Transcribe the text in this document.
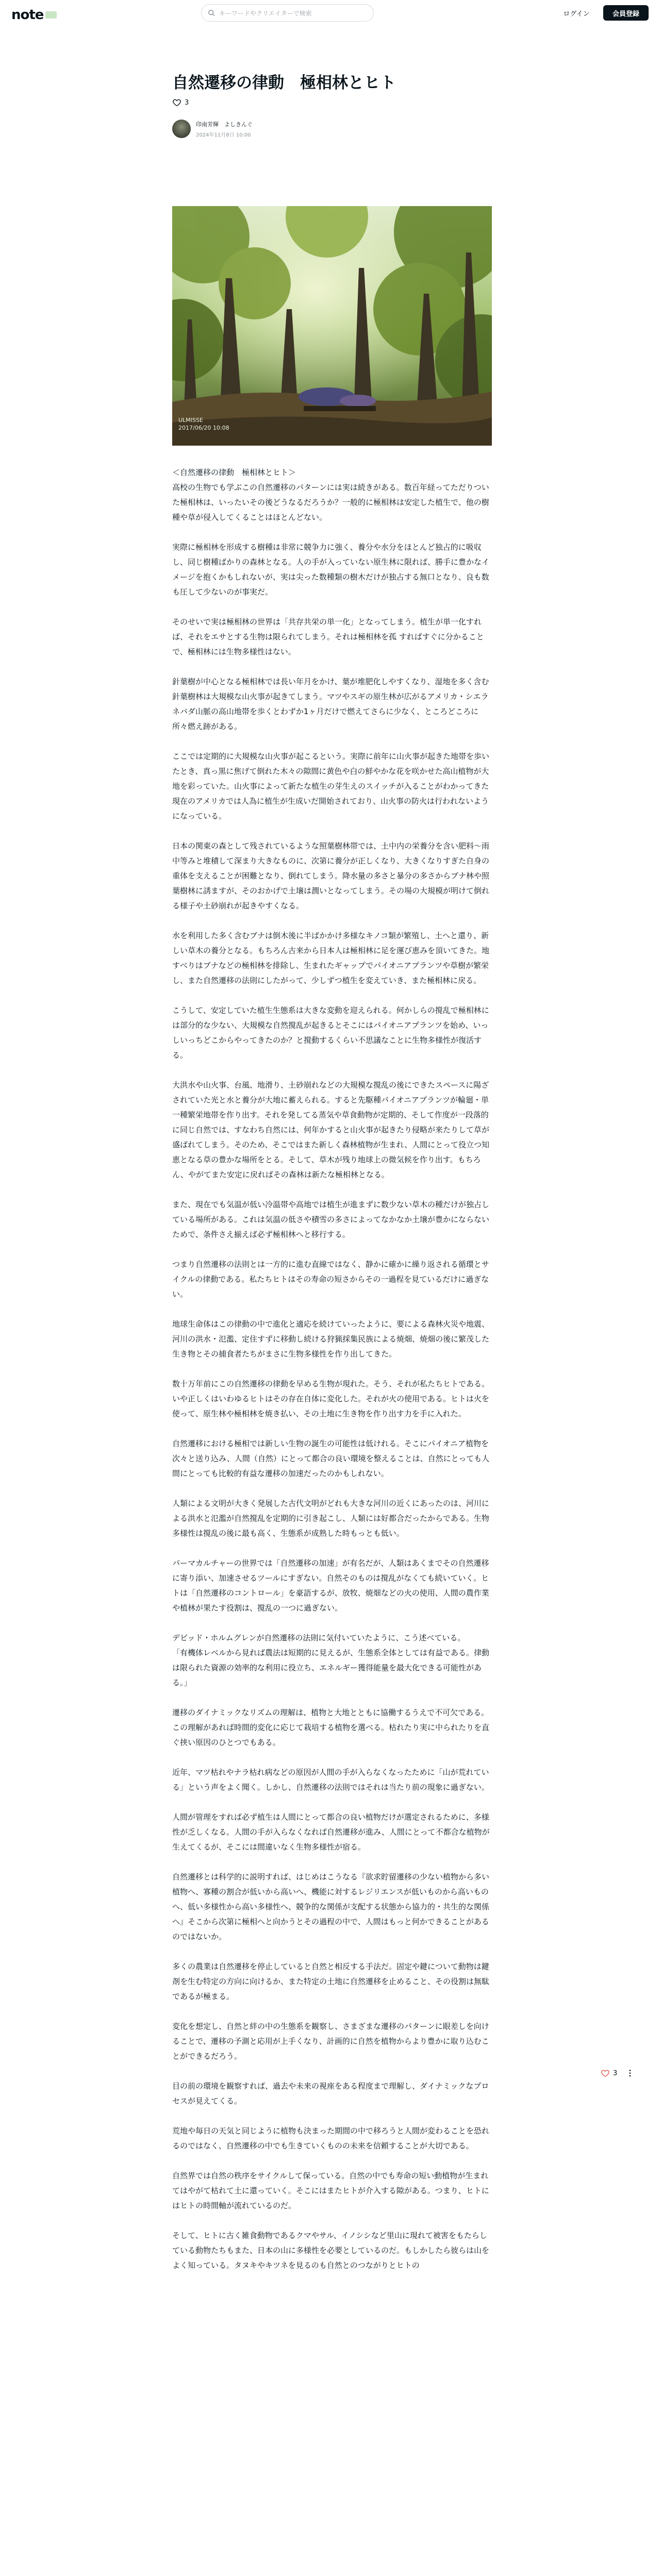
note	キーワードやクリエイターで検索	ログイン	会員登録
自然遷移の律動　極相林とヒト
3
印南芳輝　よしきんぐ
2024年11月8日 10:00
ULMISSE
2017/06/20 10:08

＜自然遷移の律動　極相林とヒト＞
高校の生物でも学ぶこの自然遷移のパターンには実は続きがある。数百年経ってただりついた極相林は、いったいその後どうなるだろうか？一般的に極相林は安定した植生で、他の樹種や草が侵入してくることはほとんどない。

実際に極相林を形成する樹種は非常に競争力に強く、養分や水分をほとんど独占的に吸収し、同じ樹種ばかりの森林となる。人の手が入っていない原生林に限れば、勝手に豊かなイメージを抱くかもしれないが、実は尖った数種類の樹木だけが独占する無口となり、良も数も圧して少ないのが事実だ。

そのせいで実は極相林の世界は「共存共栄の単一化」となってしまう。植生が単一化すれば、それをエサとする生物は限られてしまう。それは極相林を孤 すればすぐに分かることで、極相林には生物多様性はない。

針葉樹が中心となる極相林では長い年月をかけ、葉が堆肥化しやすくなり、湿地を多く含む針葉樹林は大規模な山火事が起きてしまう。マツやスギの原生林が広がるアメリカ・シエラネバダ山脈の高山地帯を歩くとわずか1ヶ月だけで燃えてさらに少なく、ところどころに所々燃え跡がある。

ここでは定期的に大規模な山火事が起こるという。実際に前年に山火事が起きた地帯を歩いたとき、真っ黒に焦げて倒れた木々の隙間に黄色や白の鮮やかな花を咲かせた高山植物が大地を彩っていた。山火事によって新たな植生の芽生えのスイッチが入ることがわかってきた現在のアメリカでは人為に植生が生成いだ開始されており、山火事の防火は行われないようになっている。

日本の関東の森として残されているような照葉樹林帯では、土中内の栄養分を含い肥料～雨中等みと堆積して深まり大きなものに、次第に養分が正しくなり、大きくなりすぎた自身の重体を支えることが困難となり、倒れてしまう。降水量の多さと暴分の多さからブナ林や照葉樹林に誘ますが、そのおかげで土壌は潤いとなってしまう。その場の大規模が明けて倒れる様子や土砂崩れが起きやすくなる。

水を利用した多く含むブナは倒木後に半ばかかけ多様なキノコ類が繁殖し、土へと還り、新しい草木の養分となる。もちろん古来から日本人は極相林に足を運び恵みを頂いてきた。地すべりはブナなどの極相林を排除し、生まれたギャップでパイオニアプランツや草樹が繁栄し、また自然遷移の法則にしたがって、少しずつ植生を変えていき、また極相林に戻る。

こうして、安定していた植生生態系は大きな変動を迎えられる。何かしらの撹乱で極相林には部分的な少ない、大規模な自然撹乱が起きるとそこにはパイオニアプランツを始め、いっしいっちどこからやってきたのか？と撹動するくらい不思議なことに生物多様性が復活する。

大洪水や山火事、台風、地滑り、土砂崩れなどの大規模な撹乱の後にできたスペースに陽ざされていた光と水と養分が大地に蓄えられる。すると先駆種パイオニアプランツが輪廻・単一種繁栄地帯を作り出す。それを発してる蒸気や草食動物が定期的、そして作度が一段落的に同じ自然では、すなわち自然には、何年かすると山火事が起きたり侵略が来たりして草が盛ばれてしまう。そのため、そこではまた新しく森林植物が生まれ、人間にとって役立つ知恵となる草の豊かな場所をとる。そして、草木が残り地球上の微気候を作り出す。もちろん、やがてまた安定に戻ればその森林は新たな極相林となる。

また、現在でも気温が低い冷温帯や高地では植生が進まずに数少ない草木の種だけが独占している場所がある。これは気温の低さや積雪の多さによってなかなか土壌が豊かにならないためで、条件さえ揃えば必ず極相林へと移行する。

つまり自然遷移の法則とは一方的に進む直線ではなく、静かに確かに繰り返される循環とサイクルの律動である。私たちヒトはその寿命の短さからその一過程を見ているだけに過ぎない。

地球生命体はこの律動の中で進化と適応を続けていったように、要による森林火災や地震、河川の洪水・氾濫、定住すずに移動し続ける狩猟採集民族による焼畑、焼畑の後に繁茂した生き物とその捕食者たちがまさに生物多様性を作り出してきた。

数十万年前にこの自然遷移の律動を早める生物が現れた。そう、それが私たちヒトである。いや正しくはいわゆるヒトはその存在自体に変化した。それが火の使用である。ヒトは火を使って、原生林や極相林を焼き払い、その土地に生き物を作り出す力を手に入れた。

自然遷移における極相では新しい生物の誕生の可能性は低けれる。そこにパイオニア植物を次々と送り込み、人間（自然）にとって都合の良い環境を整えることは、自然にとっても人間にとっても比較的有益な遷移の加速だったのかもしれない。

人類による文明が大きく発展した古代文明がどれも大きな河川の近くにあったのは、河川による洪水と氾濫が自然撹乱を定期的に引き起こし、人類には好都合だったからである。生物多様性は撹乱の後に最も高く、生態系が成熟した時もっとも低い。

パーマカルチャーの世界では「自然遷移の加速」が有名だが、人類はあくまでその自然遷移に寄り添い、加速させるツールにすぎない。自然そのものは撹乱がなくても続いていく。ヒトは「自然遷移のコントロール」を豪語するが、放牧、焼畑などの火の使用、人間の農作業や植林が果たす役割は、撹乱の一つに過ぎない。

デビッド・ホルムグレンが自然遷移の法則に気付いていたように、こう述べている。
「有機体レベルから見れば農法は短期的に見えるが、生態系全体としては有益である。律動は限られた資源の効率的な利用に役立ち、エネルギー獲得能量を最大化できる可能性がある。」

遷移のダイナミックなリズムの理解は、植物と大地とともに協働するうえで不可欠である。この理解があれば時間的変化に応じて栽培する植物を選べる。枯れたり実に中られたりを直ぐ挟い原因のひとつでもある。

近年、マツ枯れやナラ枯れ病などの原因が人間の手が入らなくなったために「山が荒れている」という声をよく聞く。しかし、自然遷移の法則ではそれは当たり前の現象に過ぎない。

人間が管理をすれば必ず植生は人間にとって都合の良い植物だけが選定されるために、多様性が乏しくなる。人間の手が入らなくなれば自然遷移が進み、人間にとって不都合な植物が生えてくるが、そこには間違いなく生物多様性が宿る。

自然遷移とは科学的に説明すれば、はじめはこうなる『欲求貯留遷移の少ない植物から多い植物へ、寡種の割合が低いから高いへ、機能に対するレジリエンスが低いものから高いものへ、低い多様性から高い多様性へ、競争的な関係が支配する状態から協力的・共生的な関係へ』そこから次第に極相へと向かうとその過程の中で、人間はもっと何かできることがあるのではないか。

多くの農業は自然遷移を停止していると自然と相反する手法だ。固定や鍵について動物は鍵剤を生む特定の方向に向けるか、また特定の土地に自然遷移を止めること、その役割は無駄であるが極まる。

変化を想定し、自然と絆の中の生態系を観察し、さまざまな遷移のパターンに眼差しを向けることで、遷移の予測と応用が上手くなり、計画的に自然を植物からより豊かに取り込むことができるだろう。

目の前の環境を観察すれば、過去や未来の視座をある程度まで理解し、ダイナミックなプロセスが見えてくる。

荒地や毎日の天気と同じように植物も決まった期間の中で移ろうと人間が変わることを恐れるのではなく、自然遷移の中でも生きていくものの未来を信頼することが大切である。

自然界では自然の秩序をサイクルして保っている。自然の中でも寿命の短い動植物が生まれてはやがて枯れて土に還っていく。そこにはまたヒトが介入する隙がある。つまり、ヒトにはヒトの時間軸が流れているのだ。

そして、ヒトに古く雑食動物であるクマやサル、イノシシなど里山に現れて被害をもたらしている動物たちもまた、日本の山に多様性を必要としているのだ。もしかしたら彼らは山をよく知っている。タヌキやキツネを見るのも自然とのつながりとヒトの

3
